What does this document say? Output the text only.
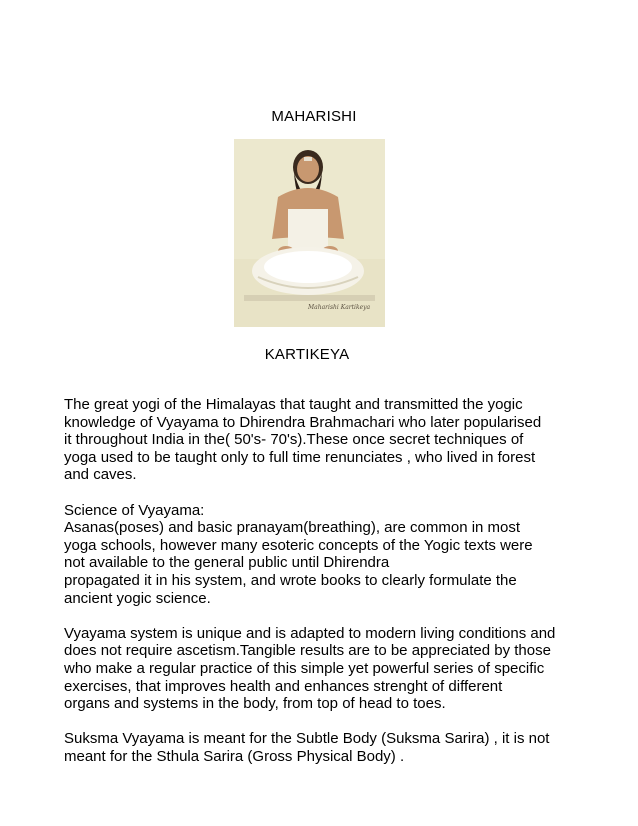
MAHARISHI
Maharishi Kartikeya
KARTIKEYA

The great yogi of the Himalayas that taught and transmitted the yogic
knowledge of Vyayama to Dhirendra Brahmachari who later popularised
it throughout India in the( 50's- 70's).These once secret techniques of
yoga used to be taught only to full time renunciates , who lived in forest
and caves.

Science of Vyayama:
Asanas(poses) and basic pranayam(breathing), are common in most
yoga schools, however many esoteric concepts of the Yogic texts were
not available to the general public until Dhirendra
propagated it in his system, and wrote books to clearly formulate the
ancient yogic science.

Vyayama system is unique and is adapted to modern living conditions and
does not require ascetism.Tangible results are to be appreciated by those
who make a regular practice of this simple yet powerful series of specific
exercises, that improves health and enhances strenght of different
organs and systems in the body, from top of head to toes.

Suksma Vyayama is meant for the Subtle Body (Suksma Sarira) , it is not
meant for the Sthula Sarira (Gross Physical Body) .
